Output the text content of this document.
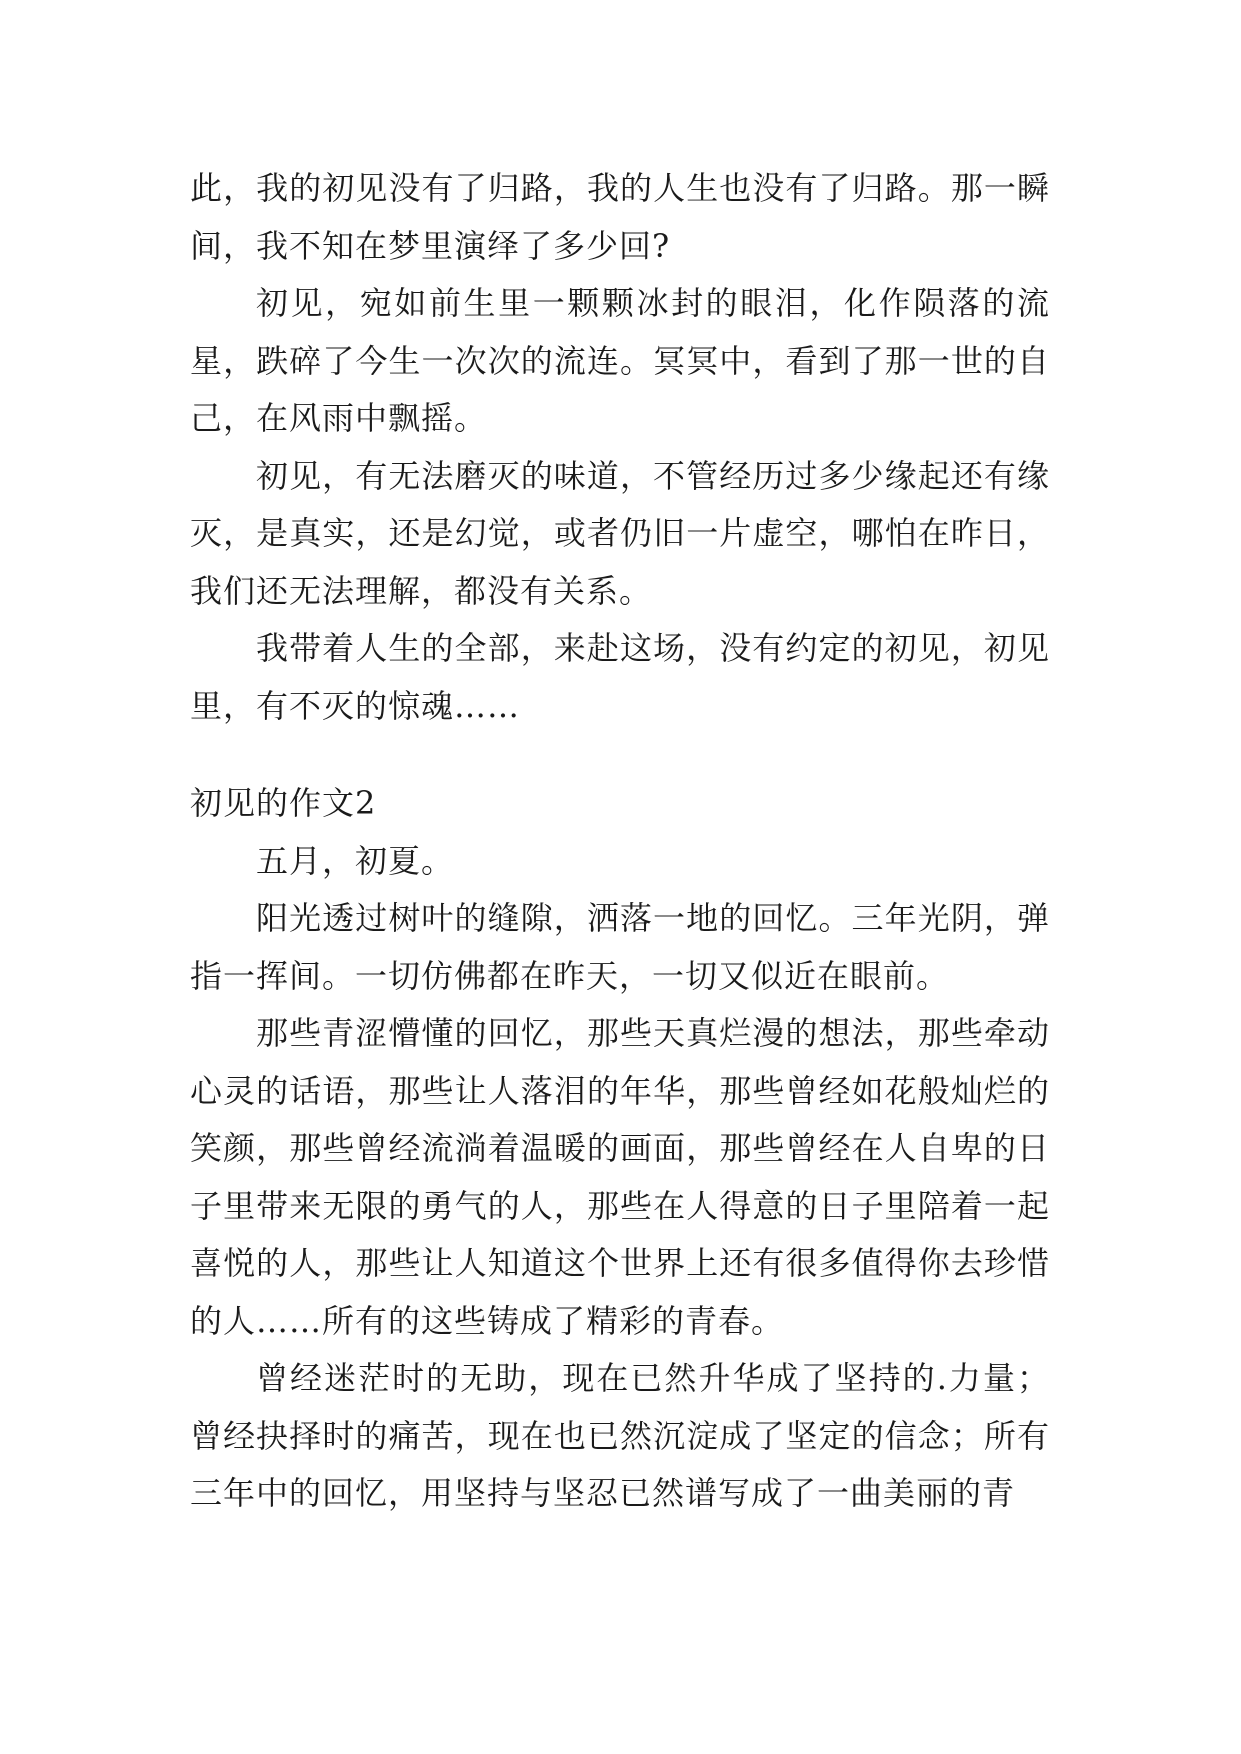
此，我的初见没有了归路，我的人生也没有了归路。那一瞬间，我不知在梦里演绎了多少回?

初见，宛如前生里一颗颗冰封的眼泪，化作陨落的流星，跌碎了今生一次次的流连。冥冥中，看到了那一世的自己，在风雨中飘摇。

初见，有无法磨灭的味道，不管经历过多少缘起还有缘灭，是真实，还是幻觉，或者仍旧一片虚空，哪怕在昨日，我们还无法理解，都没有关系。

我带着人生的全部，来赴这场，没有约定的初见，初见里，有不灭的惊魂……

初见的作文2

五月，初夏。

阳光透过树叶的缝隙，洒落一地的回忆。三年光阴，弹指一挥间。一切仿佛都在昨天，一切又似近在眼前。

那些青涩懵懂的回忆，那些天真烂漫的想法，那些牵动心灵的话语，那些让人落泪的年华，那些曾经如花般灿烂的笑颜，那些曾经流淌着温暖的画面，那些曾经在人自卑的日子里带来无限的勇气的人，那些在人得意的日子里陪着一起喜悦的人，那些让人知道这个世界上还有很多值得你去珍惜的人……所有的这些铸成了精彩的青春。

曾经迷茫时的无助，现在已然升华成了坚持的.力量；曾经抉择时的痛苦，现在也已然沉淀成了坚定的信念；所有三年中的回忆，用坚持与坚忍已然谱写成了一曲美丽的青
